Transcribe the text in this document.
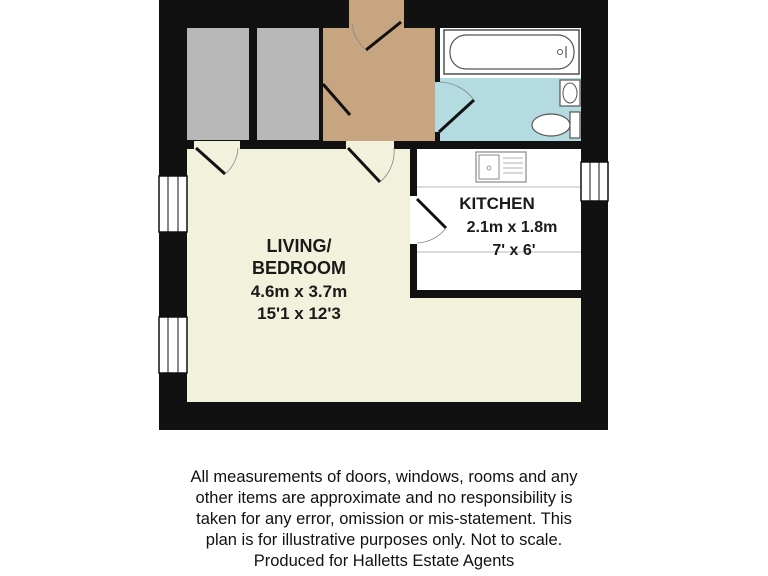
LIVING/
BEDROOM
4.6m x 3.7m
15'1 x 12'3
KITCHEN
2.1m x 1.8m
7' x 6'
All measurements of doors, windows, rooms and any
other items are approximate and no responsibility is
taken for any error, omission or mis-statement. This
plan is for illustrative purposes only. Not to scale.
Produced for Halletts Estate Agents
